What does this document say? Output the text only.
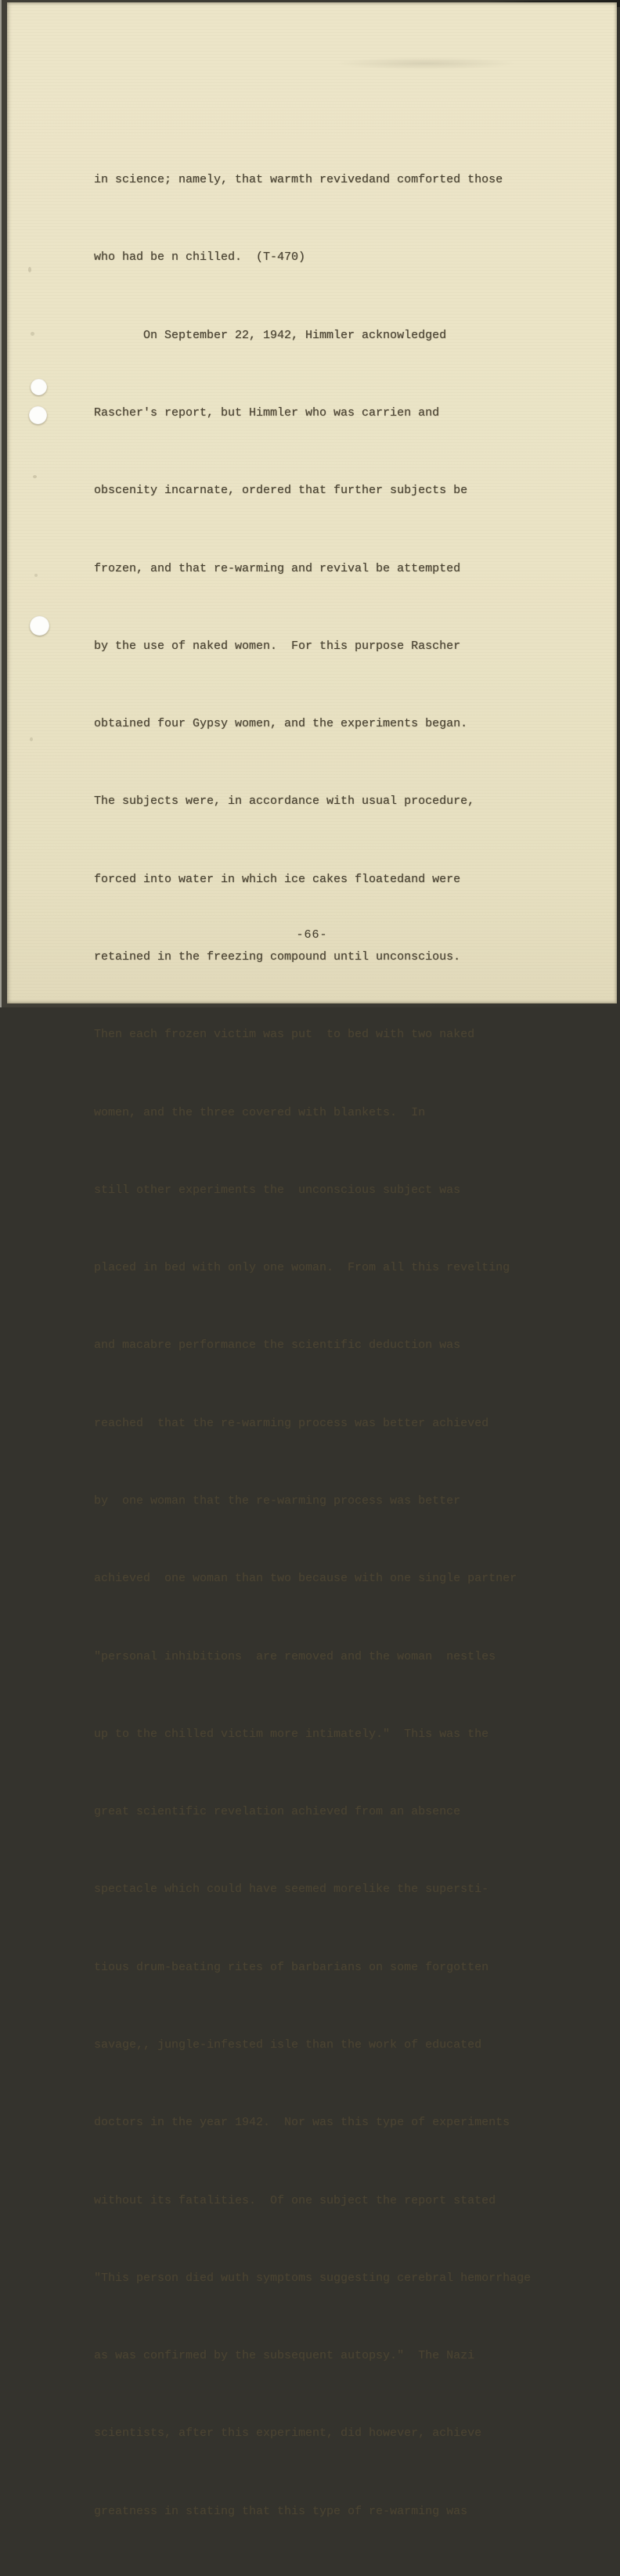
in science; namely, that warmth revivedand comforted those

who had be n chilled.  (T-470)

On September 22, 1942, Himmler acknowledged

Rascher's report, but Himmler who was carrien and

obscenity incarnate, ordered that further subjects be

frozen, and that re-warming and revival be attempted

by the use of naked women.  For this purpose Rascher

obtained four Gypsy women, and the experiments began.

The subjects were, in accordance with usual procedure,

forced into water in which ice cakes floatedand were

retained in the freezing compound until unconscious.

Then each frozen victim was put  to bed with two naked

women, and the three covered with blankets.  In

still other experiments the  unconscious subject was

placed in bed with only one woman.  From all this revelting

and macabre performance the scientific deduction was

reached  that the re-warming process was better achieved

by  one woman that the re-warming process was better

achieved  one woman than two because with one single partner

"personal inhibitions  are removed and the woman  nestles

up to the chilled victim more intimately."  This was the

great scientific revelation achieved from an absence

spectacle which could have seemed morelike the supersti-

tious drum-beating rites of barbarians on some forgotten

savage,, jungle-infested isle than the work of educated

doctors in the year 1942.  Nor was this type of experiments

without its fatalities.  Of one subject the report stated

"This person died wuth symptoms suggesting cerebral hemorrhage

as was confirmed by the subsequent autopsy."  The Nazi

scientists, after this experiment, did however, achieve

greatness in stating that this type of re-warming was

-66-
